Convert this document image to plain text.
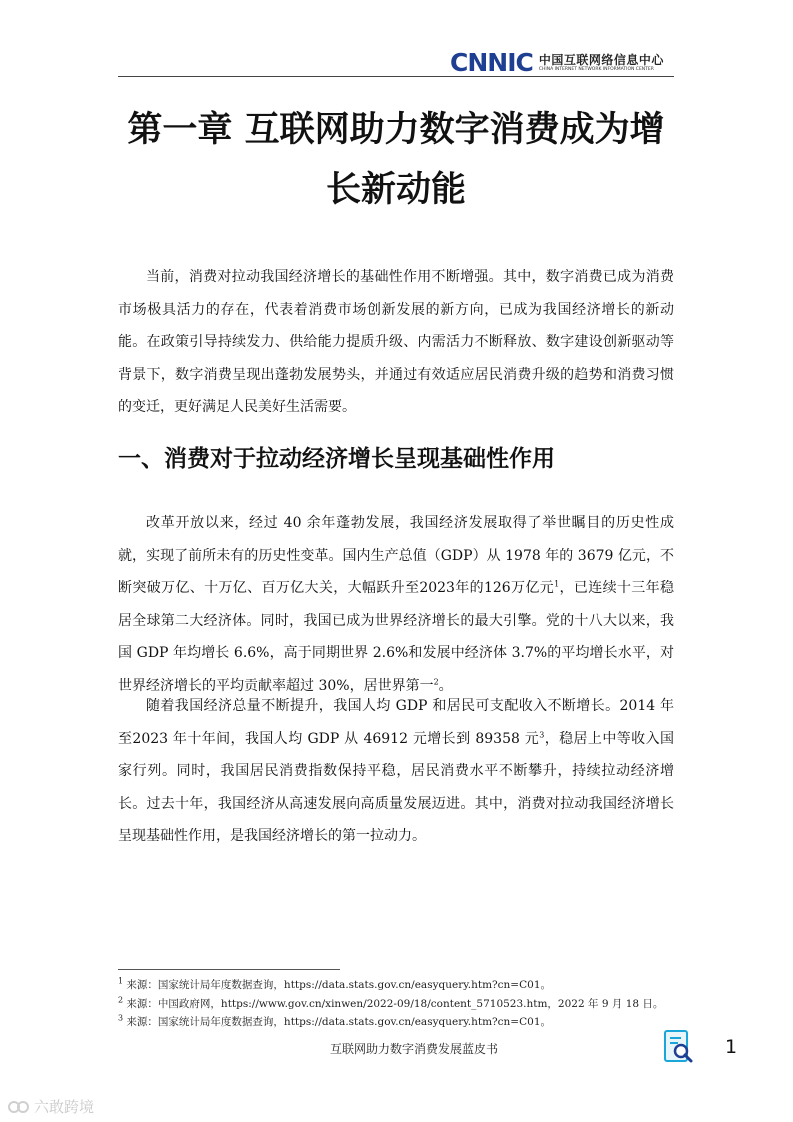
CNNIC 中国互联网络信息中心
CHINA INTERNET NETWORK INFORMATION CENTER
第一章 互联网助力数字消费成为增
长新动能

当前，消费对拉动我国经济增长的基础性作用不断增强。其中，数字消费已成为消费市场极具活力的存在，代表着消费市场创新发展的新方向，已成为我国经济增长的新动能。在政策引导持续发力、供给能力提质升级、内需活力不断释放、数字建设创新驱动等背景下，数字消费呈现出蓬勃发展势头，并通过有效适应居民消费升级的趋势和消费习惯的变迁，更好满足人民美好生活需要。

一、消费对于拉动经济增长呈现基础性作用

改革开放以来，经过 40 余年蓬勃发展，我国经济发展取得了举世瞩目的历史性成就，实现了前所未有的历史性变革。国内生产总值（GDP）从 1978 年的 3679 亿元，不断突破万亿、十万亿、百万亿大关，大幅跃升至2023年的126万亿元$^1$，已连续十三年稳居全球第二大经济体。同时，我国已成为世界经济增长的最大引擎。党的十八大以来，我国 GDP 年均增长 6.6%，高于同期世界 2.6%和发展中经济体 3.7%的平均增长水平，对世界经济增长的平均贡献率超过 30%，居世界第一$^2$。

随着我国经济总量不断提升，我国人均 GDP 和居民可支配收入不断增长。2014 年至2023 年十年间，我国人均 GDP 从 46912 元增长到 89358 元$^3$，稳居上中等收入国家行列。同时，我国居民消费指数保持平稳，居民消费水平不断攀升，持续拉动经济增长。过去十年，我国经济从高速发展向高质量发展迈进。其中，消费对拉动我国经济增长呈现基础性作用，是我国经济增长的第一拉动力。

$^1$ 来源：国家统计局年度数据查询，https://data.stats.gov.cn/easyquery.htm?cn=C01。
$^2$ 来源：中国政府网，https://www.gov.cn/xinwen/2022-09/18/content_5710523.htm，2022 年 9 月 18 日。
$^3$ 来源：国家统计局年度数据查询，https://data.stats.gov.cn/easyquery.htm?cn=C01。
互联网助力数字消费发展蓝皮书	1
六敢跨境
